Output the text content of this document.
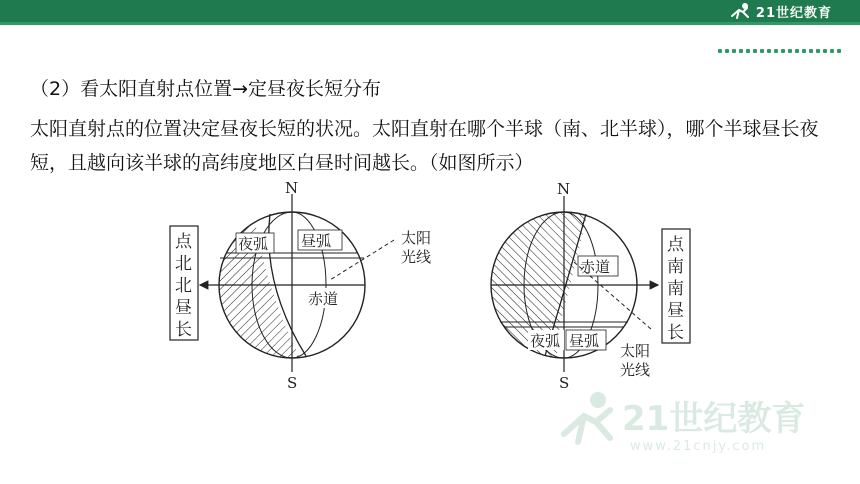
21世纪教育
（2）看太阳直射点位置→定昼夜长短分布
太阳直射点的位置决定昼夜长短的状况。太阳直射在哪个半球（南、北半球），哪个半球昼长夜短，且越向该半球的高纬度地区白昼时间越长。（如图所示）
夜弧 昼弧
赤道
N
S
太阳光线
点北北昼长
赤道
夜弧 昼弧
N
S
太阳光线
点南南昼长
21世纪教育
www.21cnjy.com
